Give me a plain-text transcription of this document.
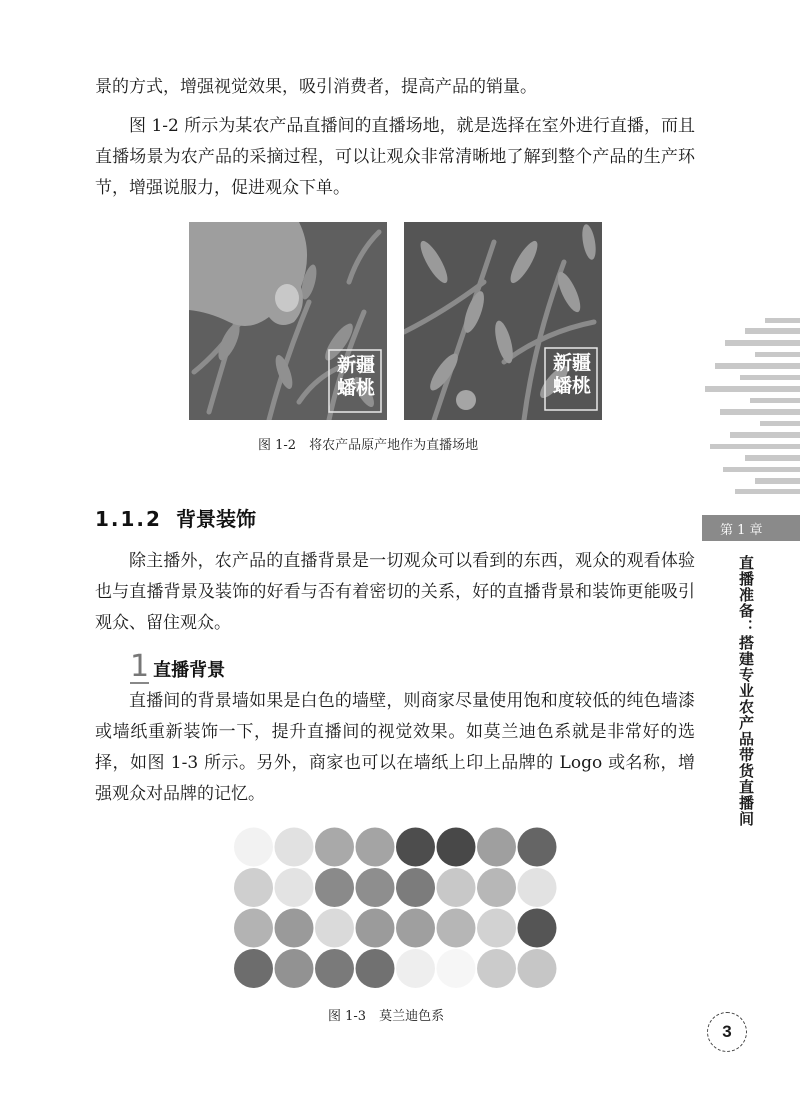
景的方式，增强视觉效果，吸引消费者，提高产品的销量。

图 1-2 所示为某农产品直播间的直播场地，就是选择在室外进行直播，而且直播场景为农产品的采摘过程，可以让观众非常清晰地了解到整个产品的生产环节，增强说服力，促进观众下单。

新疆
蟠桃
新疆
蟠桃
图 1-2　将农产品原产地作为直播场地
1.1.2 背景装饰

除主播外，农产品的直播背景是一切观众可以看到的东西，观众的观看体验也与直播背景及装饰的好看与否有着密切的关系，好的直播背景和装饰更能吸引观众、留住观众。

1 直播背景

直播间的背景墙如果是白色的墙壁，则商家尽量使用饱和度较低的纯色墙漆或墙纸重新装饰一下，提升直播间的视觉效果。如莫兰迪色系就是非常好的选择，如图 1-3 所示。另外，商家也可以在墙纸上印上品牌的 Logo 或名称，增强观众对品牌的记忆。

图 1-3　莫兰迪色系
第 1 章
直播准备：搭建专业农产品带货直播间
3
